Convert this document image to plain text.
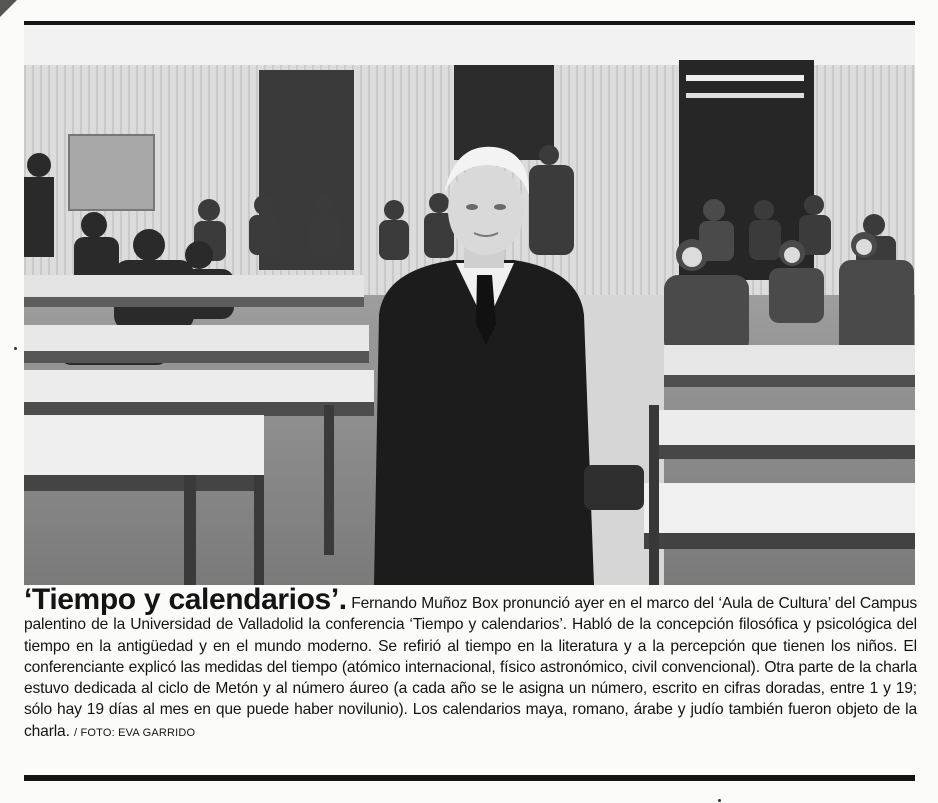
‘Tiempo y calendarios’. Fernando Muñoz Box pronunció ayer en el marco del ‘Aula de Cultura’ del Campus palentino de la Universidad de Valladolid la conferencia ‘Tiempo y calendarios’. Habló de la concepción filosófica y psicológica del tiempo en la antigüedad y en el mundo moderno. Se refirió al tiempo en la literatura y a la percepción que tienen los niños. El conferenciante explicó las medidas del tiempo (atómico internacional, físico astronómico, civil convencional). Otra parte de la charla estuvo dedicada al ciclo de Metón y al número áureo (a cada año se le asigna un número, escrito en cifras doradas, entre 1 y 19; sólo hay 19 días al mes en que puede haber novilunio). Los calendarios maya, romano, árabe y judío también fueron objeto de la charla. / FOTO: EVA GARRIDO
